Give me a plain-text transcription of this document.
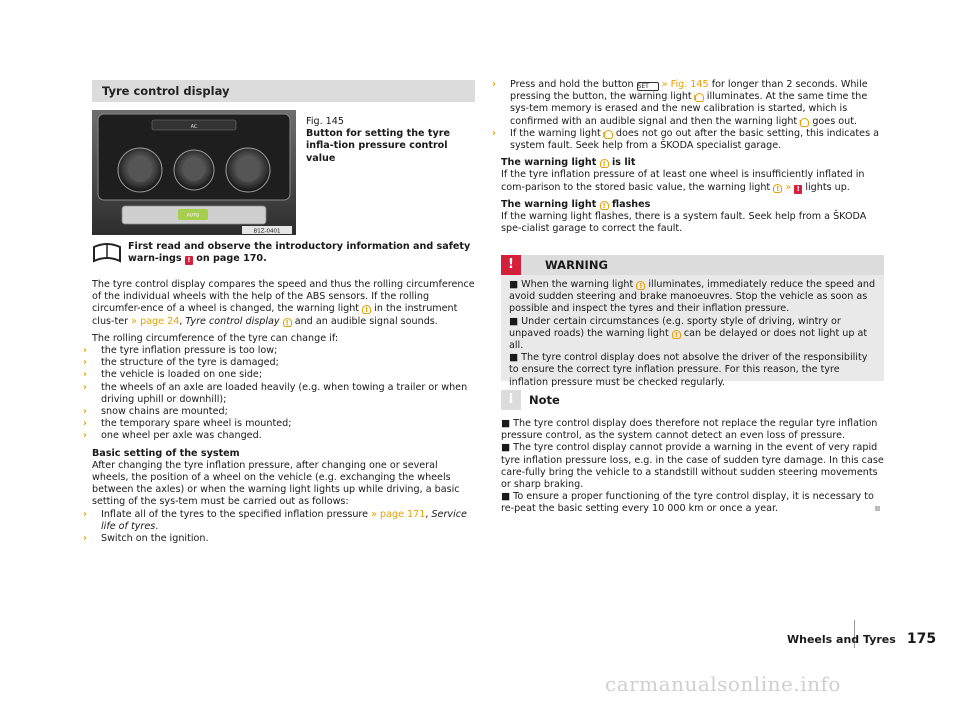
Tyre control display
AC
AUTO
B1Z-0401

Fig. 145

Button for setting the tyre infla-tion pressure control value

First read and observe the introductory information and safety warn-ings ! on page 170.

The tyre control display compares the speed and thus the rolling circumference of the individual wheels with the help of the ABS sensors. If the rolling circumfer-ence of a wheel is changed, the warning light ! in the instrument clus-ter » page 24, Tyre control display ! and an audible signal sounds.

The rolling circumference of the tyre can change if:

› the tyre inflation pressure is too low;

› the structure of the tyre is damaged;

› the vehicle is loaded on one side;

› the wheels of an axle are loaded heavily (e.g. when towing a trailer or when driving uphill or downhill);

› snow chains are mounted;

› the temporary spare wheel is mounted;

› one wheel per axle was changed.

Basic setting of the system

After changing the tyre inflation pressure, after changing one or several wheels, the position of a wheel on the vehicle (e.g. exchanging the wheels between the axles) or when the warning light lights up while driving, a basic setting of the sys-tem must be carried out as follows:

› Inflate all of the tyres to the specified inflation pressure » page 171, Service life of tyres.

› Switch on the ignition.

› Press and hold the button SET » Fig. 145 for longer than 2 seconds. While pressing the button, the warning light ! illuminates. At the same time the sys-tem memory is erased and the new calibration is started, which is confirmed with an audible signal and then the warning light ! goes out.

› If the warning light ! does not go out after the basic setting, this indicates a system fault. Seek help from a ŠKODA specialist garage.

The warning light ! is lit

If the tyre inflation pressure of at least one wheel is insufficiently inflated in com-parison to the stored basic value, the warning light ! » ! lights up.

The warning light ! flashes

If the warning light flashes, there is a system fault. Seek help from a ŠKODA spe-cialist garage to correct the fault.

!	WARNING

■ When the warning light ! illuminates, immediately reduce the speed and avoid sudden steering and brake manoeuvres. Stop the vehicle as soon as possible and inspect the tyres and their inflation pressure.

■ Under certain circumstances (e.g. sporty style of driving, wintry or unpaved roads) the warning light ! can be delayed or does not light up at all.

■ The tyre control display does not absolve the driver of the responsibility to ensure the correct tyre inflation pressure. For this reason, the tyre inflation pressure must be checked regularly.

i	Note

■ The tyre control display does therefore not replace the regular tyre inflation pressure control, as the system cannot detect an even loss of pressure.

■ The tyre control display cannot provide a warning in the event of very rapid tyre inflation pressure loss, e.g. in the case of sudden tyre damage. In this case care-fully bring the vehicle to a standstill without sudden steering movements or sharp braking.

■ To ensure a proper functioning of the tyre control display, it is necessary to re-peat the basic setting every 10 000 km or once a year.

Wheels and Tyres 175
carmanualsonline.info
